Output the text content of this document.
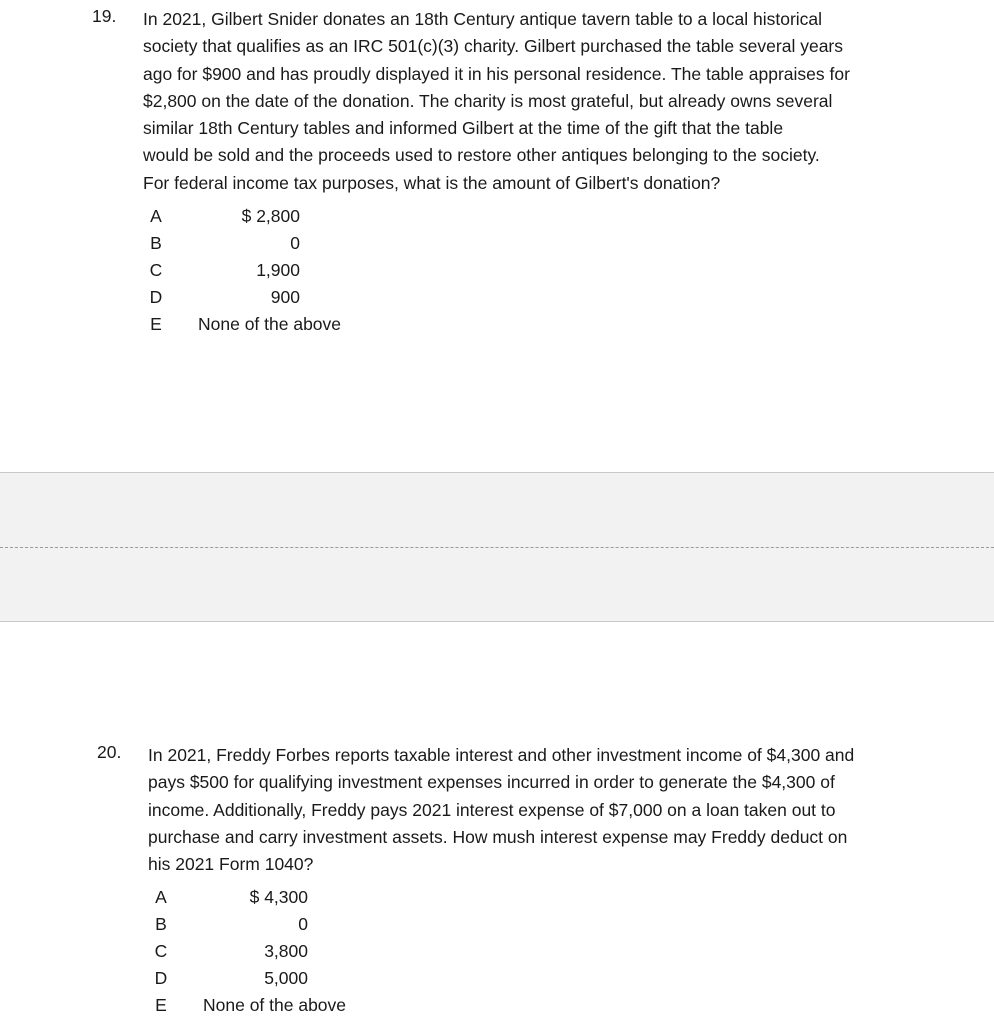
19. In 2021, Gilbert Snider donates an 18th Century antique tavern table to a local historical

society that qualifies as an IRC 501(c)(3) charity. Gilbert purchased the table several years

ago for $900 and has proudly displayed it in his personal residence. The table appraises for

$2,800 on the date of the donation. The charity is most grateful, but already owns several

similar 18th Century tables and informed Gilbert at the time of the gift that the table

would be sold and the proceeds used to restore other antiques belonging to the society.

For federal income tax purposes, what is the amount of Gilbert's donation?

A	$ 2,800
B	0
C	1,900
D	900
E None of the above
20. In 2021, Freddy Forbes reports taxable interest and other investment income of $4,300 and

pays $500 for qualifying investment expenses incurred in order to generate the $4,300 of

income. Additionally, Freddy pays 2021 interest expense of $7,000 on a loan taken out to

purchase and carry investment assets. How mush interest expense may Freddy deduct on

his 2021 Form 1040?

A	$ 4,300
B	0
C	3,800
D	5,000
E None of the above
